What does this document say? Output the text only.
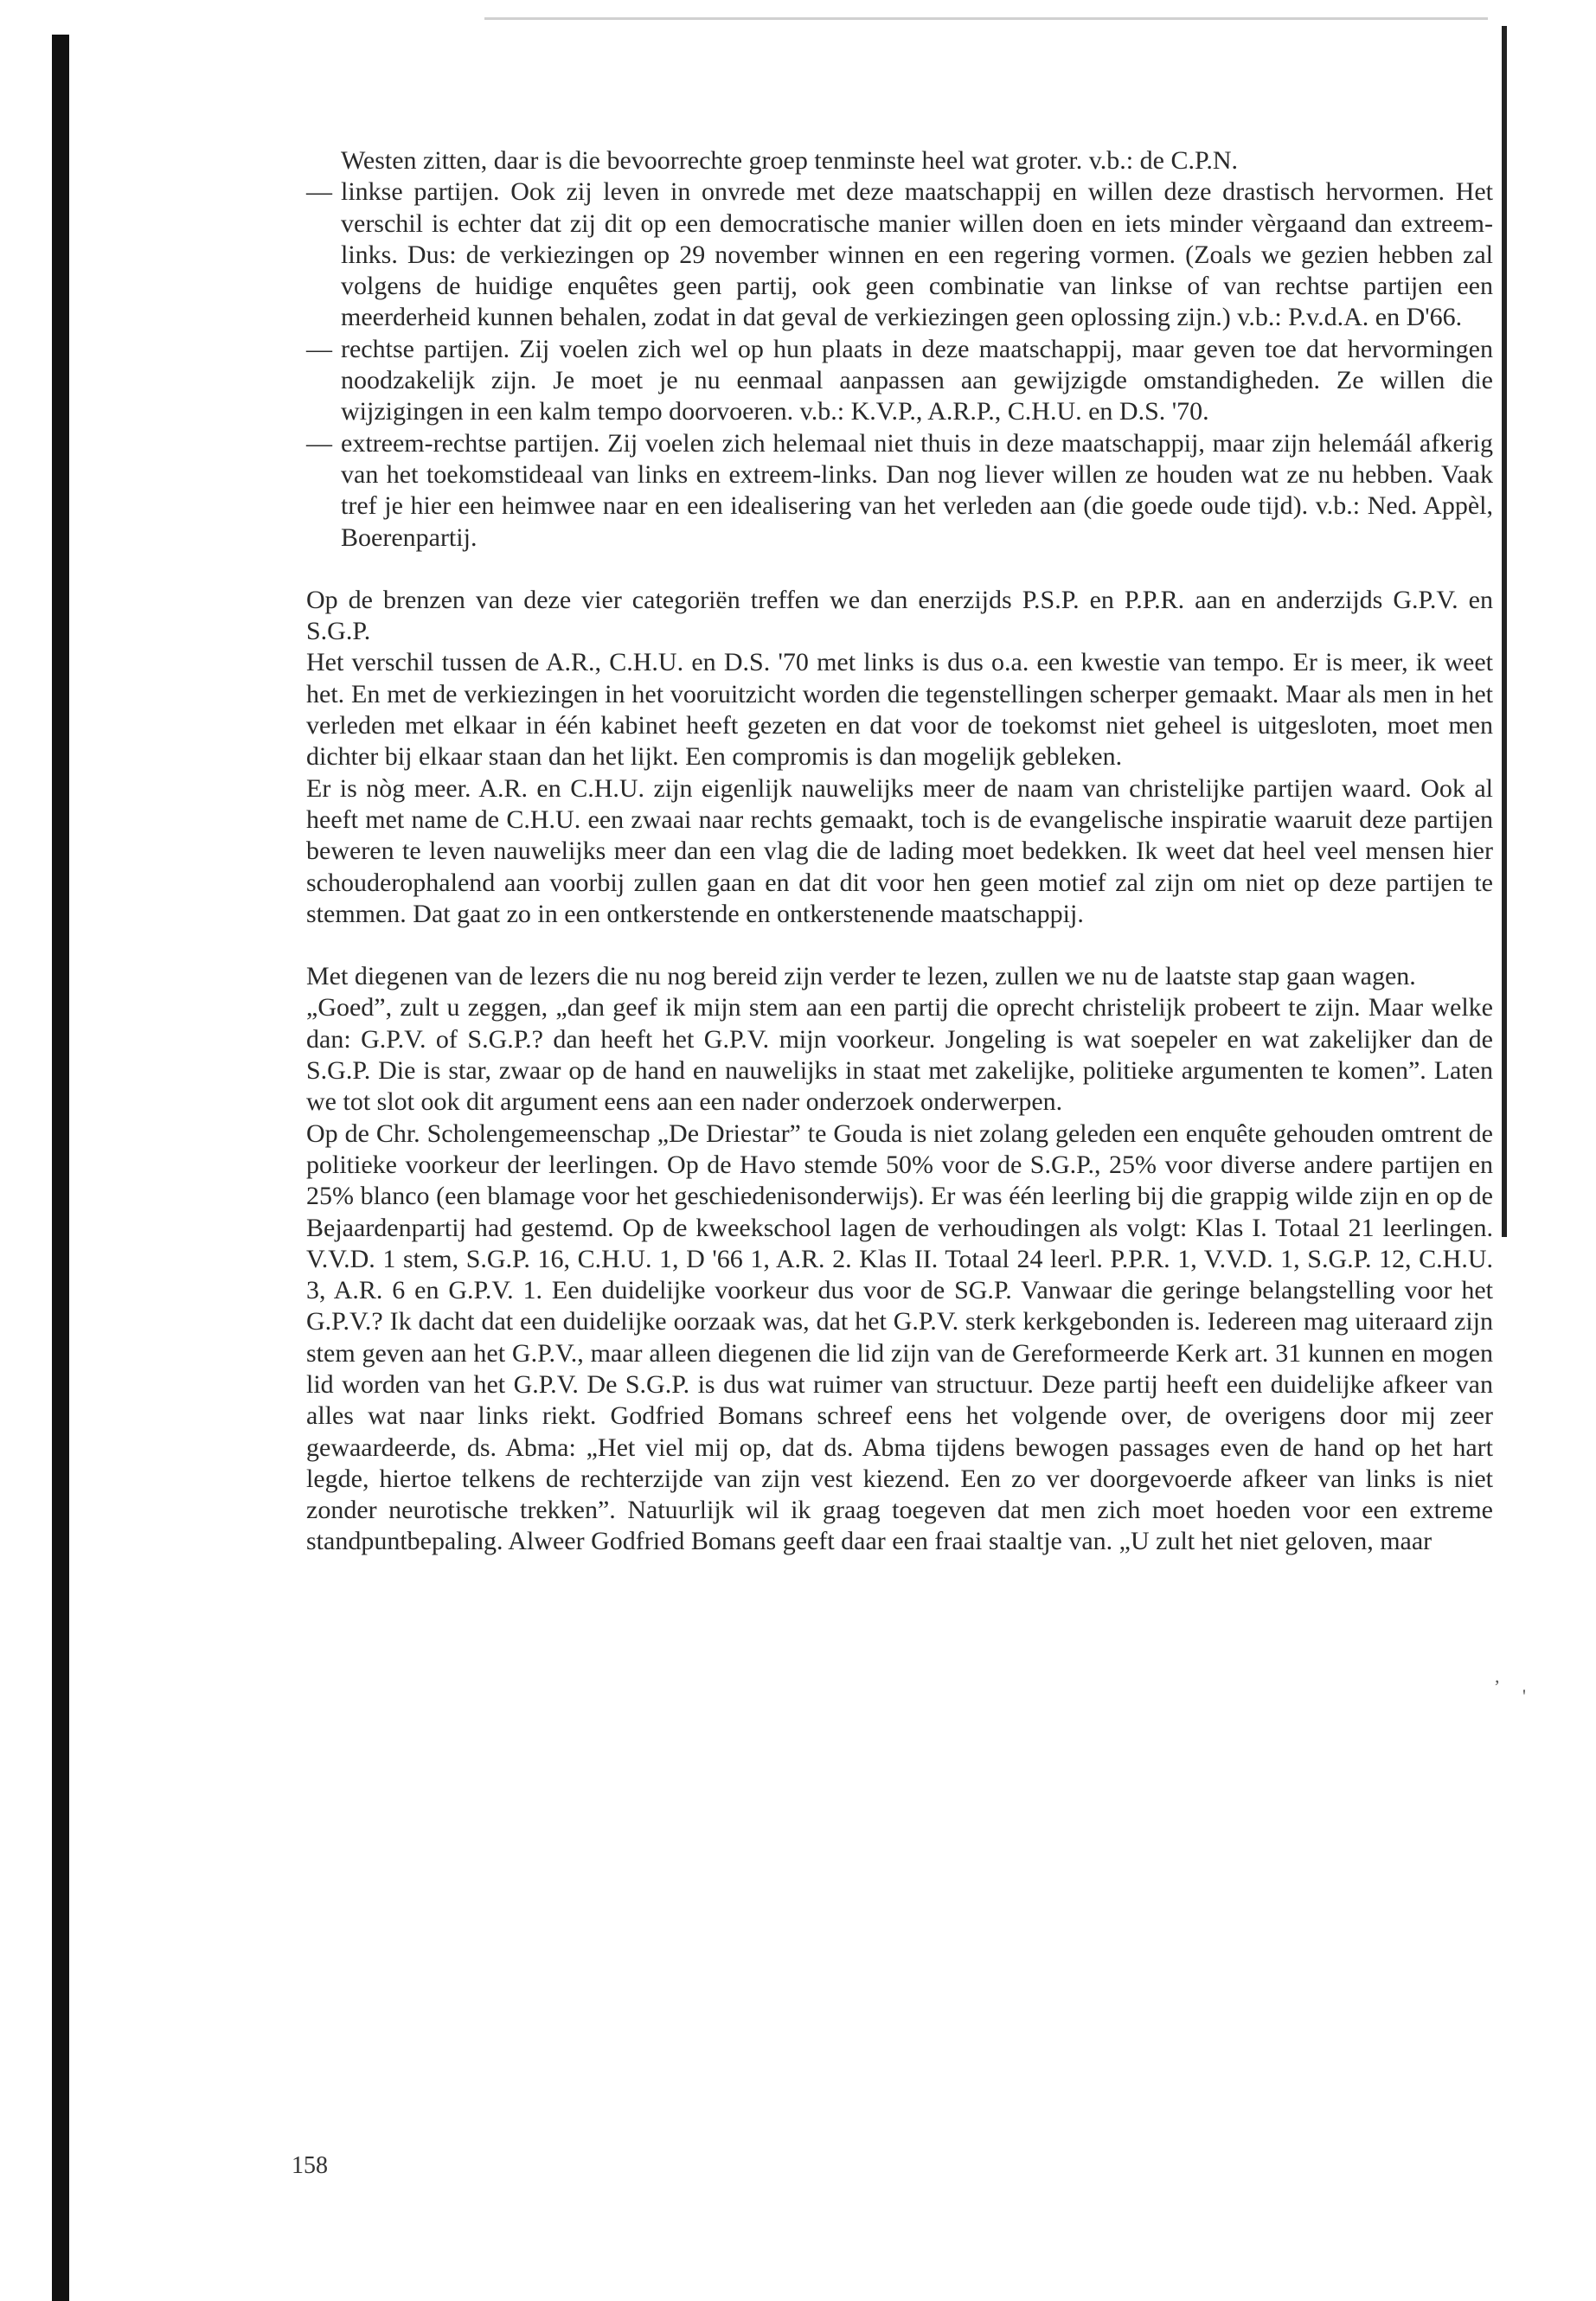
Westen zitten, daar is die bevoorrechte groep tenminste heel wat groter. v.b.: de C.P.N.

— linkse partijen. Ook zij leven in onvrede met deze maatschappij en willen deze drastisch hervormen. Het verschil is echter dat zij dit op een democratische manier willen doen en iets minder vèrgaand dan extreem-links. Dus: de verkiezingen op 29 november winnen en een regering vormen. (Zoals we gezien hebben zal volgens de huidige enquêtes geen partij, ook geen combinatie van linkse of van rechtse partijen een meerderheid kunnen behalen, zodat in dat geval de verkiezingen geen oplossing zijn.) v.b.: P.v.d.A. en D'66.

— rechtse partijen. Zij voelen zich wel op hun plaats in deze maatschappij, maar geven toe dat hervormingen noodzakelijk zijn. Je moet je nu eenmaal aanpassen aan gewijzigde omstandigheden. Ze willen die wijzigingen in een kalm tempo doorvoeren. v.b.: K.V.P., A.R.P., C.H.U. en D.S. '70.

— extreem-rechtse partijen. Zij voelen zich helemaal niet thuis in deze maatschappij, maar zijn helemáál afkerig van het toekomstideaal van links en extreem-links. Dan nog liever willen ze houden wat ze nu hebben. Vaak tref je hier een heimwee naar en een idealisering van het verleden aan (die goede oude tijd). v.b.: Ned. Appèl, Boerenpartij.

Op de brenzen van deze vier categoriën treffen we dan enerzijds P.S.P. en P.P.R. aan en anderzijds G.P.V. en S.G.P.

Het verschil tussen de A.R., C.H.U. en D.S. '70 met links is dus o.a. een kwestie van tempo. Er is meer, ik weet het. En met de verkiezingen in het vooruitzicht worden die tegenstellingen scherper gemaakt. Maar als men in het verleden met elkaar in één kabinet heeft gezeten en dat voor de toekomst niet geheel is uitgesloten, moet men dichter bij elkaar staan dan het lijkt. Een compromis is dan mogelijk gebleken.

Er is nòg meer. A.R. en C.H.U. zijn eigenlijk nauwelijks meer de naam van christelijke partijen waard. Ook al heeft met name de C.H.U. een zwaai naar rechts gemaakt, toch is de evangelische inspiratie waaruit deze partijen beweren te leven nauwelijks meer dan een vlag die de lading moet bedekken. Ik weet dat heel veel mensen hier schouderophalend aan voorbij zullen gaan en dat dit voor hen geen motief zal zijn om niet op deze partijen te stemmen. Dat gaat zo in een ontkerstende en ontkerstenende maatschappij.

Met diegenen van de lezers die nu nog bereid zijn verder te lezen, zullen we nu de laatste stap gaan wagen.

„Goed”, zult u zeggen, „dan geef ik mijn stem aan een partij die oprecht christelijk probeert te zijn. Maar welke dan: G.P.V. of S.G.P.? dan heeft het G.P.V. mijn voorkeur. Jongeling is wat soepeler en wat zakelijker dan de S.G.P. Die is star, zwaar op de hand en nauwelijks in staat met zakelijke, politieke argumenten te komen”. Laten we tot slot ook dit argument eens aan een nader onderzoek onderwerpen.

Op de Chr. Scholengemeenschap „De Driestar” te Gouda is niet zolang geleden een enquête gehouden omtrent de politieke voorkeur der leerlingen. Op de Havo stemde 50% voor de S.G.P., 25% voor diverse andere partijen en 25% blanco (een blamage voor het geschiedenisonderwijs). Er was één leerling bij die grappig wilde zijn en op de Bejaardenpartij had gestemd. Op de kweekschool lagen de verhoudingen als volgt: Klas I. Totaal 21 leerlingen. V.V.D. 1 stem, S.G.P. 16, C.H.U. 1, D '66 1, A.R. 2. Klas II. Totaal 24 leerl. P.P.R. 1, V.V.D. 1, S.G.P. 12, C.H.U. 3, A.R. 6 en G.P.V. 1. Een duidelijke voorkeur dus voor de SG.P. Vanwaar die geringe belangstelling voor het G.P.V.? Ik dacht dat een duidelijke oorzaak was, dat het G.P.V. sterk kerkgebonden is. Iedereen mag uiteraard zijn stem geven aan het G.P.V., maar alleen diegenen die lid zijn van de Gereformeerde Kerk art. 31 kunnen en mogen lid worden van het G.P.V. De S.G.P. is dus wat ruimer van structuur. Deze partij heeft een duidelijke afkeer van alles wat naar links riekt. Godfried Bomans schreef eens het volgende over, de overigens door mij zeer gewaardeerde, ds. Abma: „Het viel mij op, dat ds. Abma tijdens bewogen passages even de hand op het hart legde, hiertoe telkens de rechterzijde van zijn vest kiezend. Een zo ver doorgevoerde afkeer van links is niet zonder neurotische trekken”. Natuurlijk wil ik graag toegeven dat men zich moet hoeden voor een extreme standpuntbepaling. Alweer Godfried Bomans geeft daar een fraai staaltje van. „U zult het niet geloven, maar

,
'
158
